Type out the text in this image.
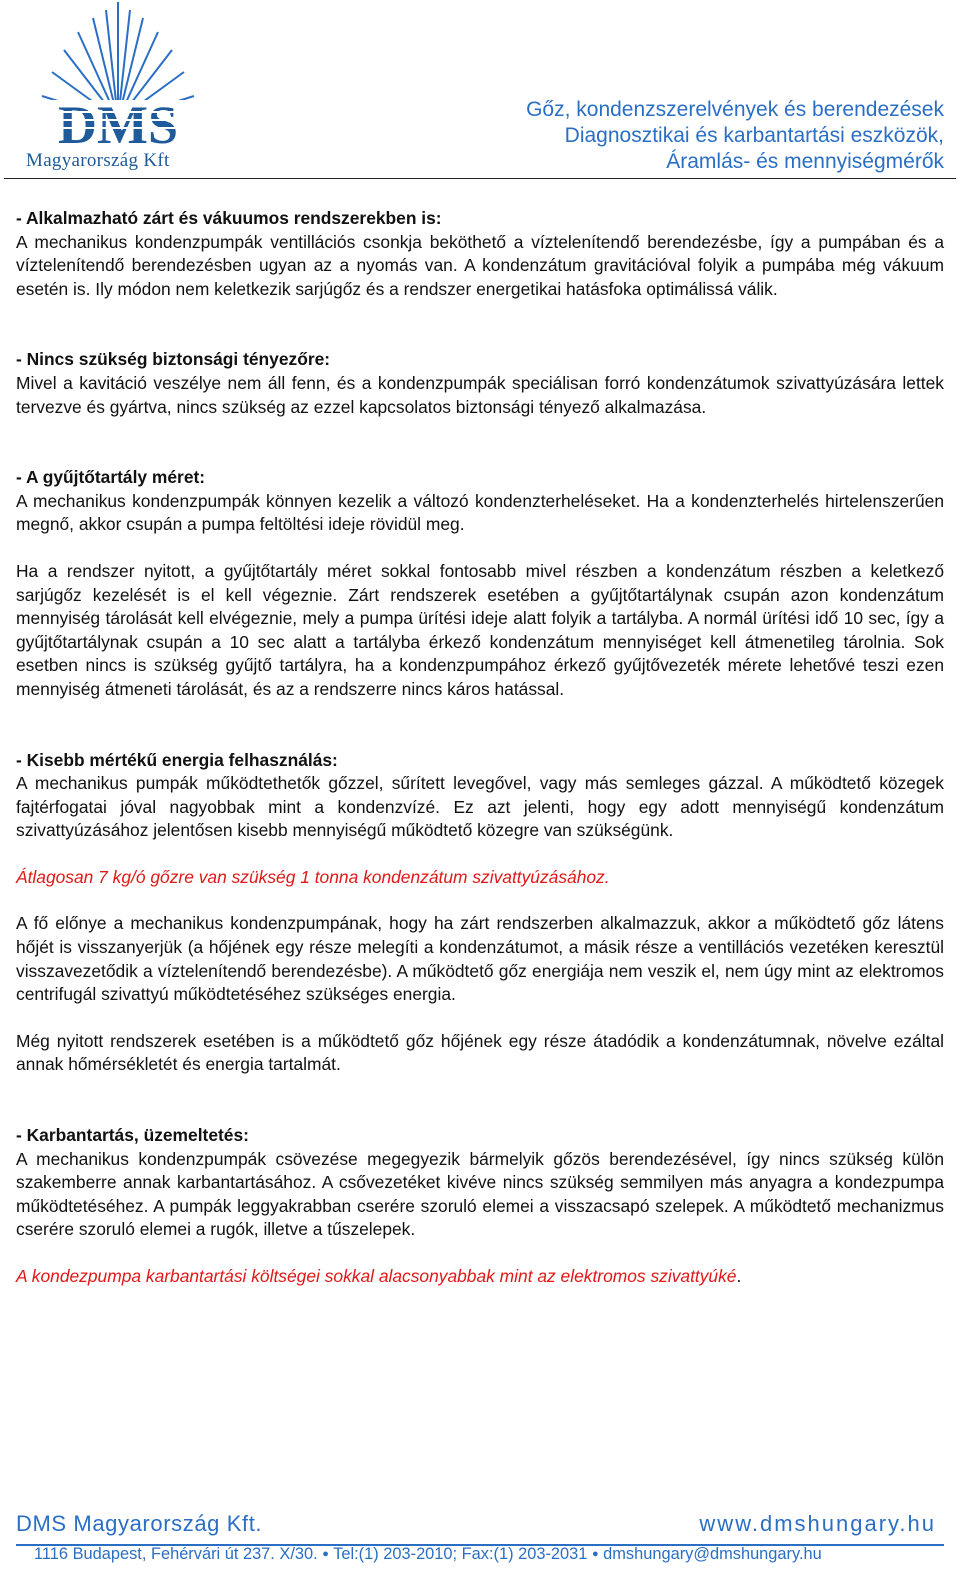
DMS
Magyarország Kft
Gőz, kondenzszerelvények és berendezések
Diagnosztikai és karbantartási eszközök,
Áramlás- és mennyiségmérők

- Alkalmazható zárt és vákuumos rendszerekben is:

A mechanikus kondenzpumpák ventillációs csonkja beköthető a víztelenítendő berendezésbe, így a pumpában és a víztelenítendő berendezésben ugyan az a nyomás van. A kondenzátum gravitációval folyik a pumpába még vákuum esetén is. Ily módon nem keletkezik sarjúgőz és a rendszer energetikai hatásfoka optimálissá válik.

- Nincs szükség biztonsági tényezőre:

Mivel a kavitáció veszélye nem áll fenn, és a kondenzpumpák speciálisan forró kondenzátumok szivattyúzására lettek tervezve és gyártva, nincs szükség az ezzel kapcsolatos biztonsági tényező alkalmazása.

- A gyűjtőtartály méret:

A mechanikus kondenzpumpák könnyen kezelik a változó kondenzterheléseket. Ha a kondenzterhelés hirtelenszerűen megnő, akkor csupán a pumpa feltöltési ideje rövidül meg.

Ha a rendszer nyitott, a gyűjtőtartály méret sokkal fontosabb mivel részben a kondenzátum részben a keletkező sarjúgőz kezelését is el kell végeznie. Zárt rendszerek esetében a gyűjtőtartálynak csupán azon kondenzátum mennyiség tárolását kell elvégeznie, mely a pumpa ürítési ideje alatt folyik a tartályba. A normál ürítési idő 10 sec, így a gyűjtőtartálynak csupán a 10 sec alatt a tartályba érkező kondenzátum mennyiséget kell átmenetileg tárolnia. Sok esetben nincs is szükség gyűjtő tartályra, ha a kondenzpumpához érkező gyűjtővezeték mérete lehetővé teszi ezen mennyiség átmeneti tárolását, és az a rendszerre nincs káros hatással.

- Kisebb mértékű energia felhasználás:

A mechanikus pumpák működtethetők gőzzel, sűrített levegővel, vagy más semleges gázzal. A működtető közegek fajtérfogatai jóval nagyobbak mint a kondenzvízé. Ez azt jelenti, hogy egy adott mennyiségű kondenzátum szivattyúzásához jelentősen kisebb mennyiségű működtető közegre van szükségünk.

Átlagosan 7 kg/ó gőzre van szükség 1 tonna kondenzátum szivattyúzásához.

A fő előnye a mechanikus kondenzpumpának, hogy ha zárt rendszerben alkalmazzuk, akkor a működtető gőz látens hőjét is visszanyerjük (a hőjének egy része melegíti a kondenzátumot, a másik része a ventillációs vezetéken keresztül visszavezetődik a víztelenítendő berendezésbe). A működtető gőz energiája nem veszik el, nem úgy mint az elektromos centrifugál szivattyú működtetéséhez szükséges energia.

Még nyitott rendszerek esetében is a működtető gőz hőjének egy része átadódik a kondenzátumnak, növelve ezáltal annak hőmérsékletét és energia tartalmát.

- Karbantartás, üzemeltetés:

A mechanikus kondenzpumpák csövezése megegyezik bármelyik gőzös berendezésével, így nincs szükség külön szakemberre annak karbantartásához. A csővezetéket kivéve nincs szükség semmilyen más anyagra a kondezpumpa működtetéséhez. A pumpák leggyakrabban cserére szoruló elemei a visszacsapó szelepek. A működtető mechanizmus cserére szoruló elemei a rugók, illetve a tűszelepek.

A kondezpumpa karbantartási költségei sokkal alacsonyabbak mint az elektromos szivattyúké.

DMS Magyarország Kft.	www.dmshungary.hu
1116 Budapest, Fehérvári út 237. X/30. ● Tel:(1) 203-2010; Fax:(1) 203-2031 ● dmshungary@dmshungary.hu
